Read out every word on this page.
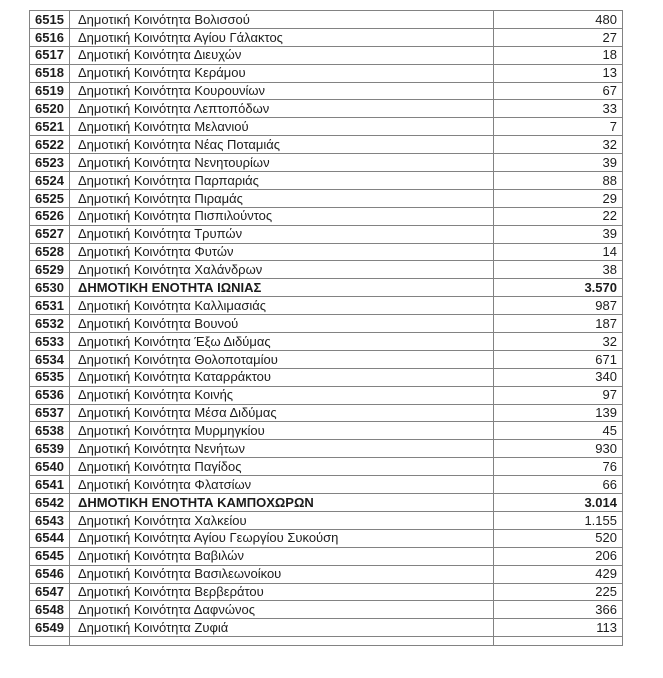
6515	Δημοτική Κοινότητα Βολισσού	480
6516	Δημοτική Κοινότητα Αγίου Γάλακτος	27
6517	Δημοτική Κοινότητα Διευχών	18
6518	Δημοτική Κοινότητα Κεράμου	13
6519	Δημοτική Κοινότητα Κουρουνίων	67
6520	Δημοτική Κοινότητα Λεπτοπόδων	33
6521	Δημοτική Κοινότητα Μελανιού	7
6522	Δημοτική Κοινότητα Νέας Ποταμιάς	32
6523	Δημοτική Κοινότητα Νενητουρίων	39
6524	Δημοτική Κοινότητα Παρπαριάς	88
6525	Δημοτική Κοινότητα Πιραμάς	29
6526	Δημοτική Κοινότητα Πισπιλούντος	22
6527	Δημοτική Κοινότητα Τρυπών	39
6528	Δημοτική Κοινότητα Φυτών	14
6529	Δημοτική Κοινότητα Χαλάνδρων	38
6530	ΔΗΜΟΤΙΚΗ ΕΝΟΤΗΤΑ ΙΩΝΙΑΣ	3.570
6531	Δημοτική Κοινότητα Καλλιμασιάς	987
6532	Δημοτική Κοινότητα Βουνού	187
6533	Δημοτική Κοινότητα Έξω Διδύμας	32
6534	Δημοτική Κοινότητα Θολοποταμίου	671
6535	Δημοτική Κοινότητα Καταρράκτου	340
6536	Δημοτική Κοινότητα Κοινής	97
6537	Δημοτική Κοινότητα Μέσα Διδύμας	139
6538	Δημοτική Κοινότητα Μυρμηγκίου	45
6539	Δημοτική Κοινότητα Νενήτων	930
6540	Δημοτική Κοινότητα Παγίδος	76
6541	Δημοτική Κοινότητα Φλατσίων	66
6542	ΔΗΜΟΤΙΚΗ ΕΝΟΤΗΤΑ ΚΑΜΠΟΧΩΡΩΝ	3.014
6543	Δημοτική Κοινότητα Χαλκείου	1.155
6544	Δημοτική Κοινότητα Αγίου Γεωργίου Συκούση	520
6545	Δημοτική Κοινότητα Βαβιλών	206
6546	Δημοτική Κοινότητα Βασιλεωνοίκου	429
6547	Δημοτική Κοινότητα Βερβεράτου	225
6548	Δημοτική Κοινότητα Δαφνώνος	366
6549	Δημοτική Κοινότητα Ζυφιά	113
